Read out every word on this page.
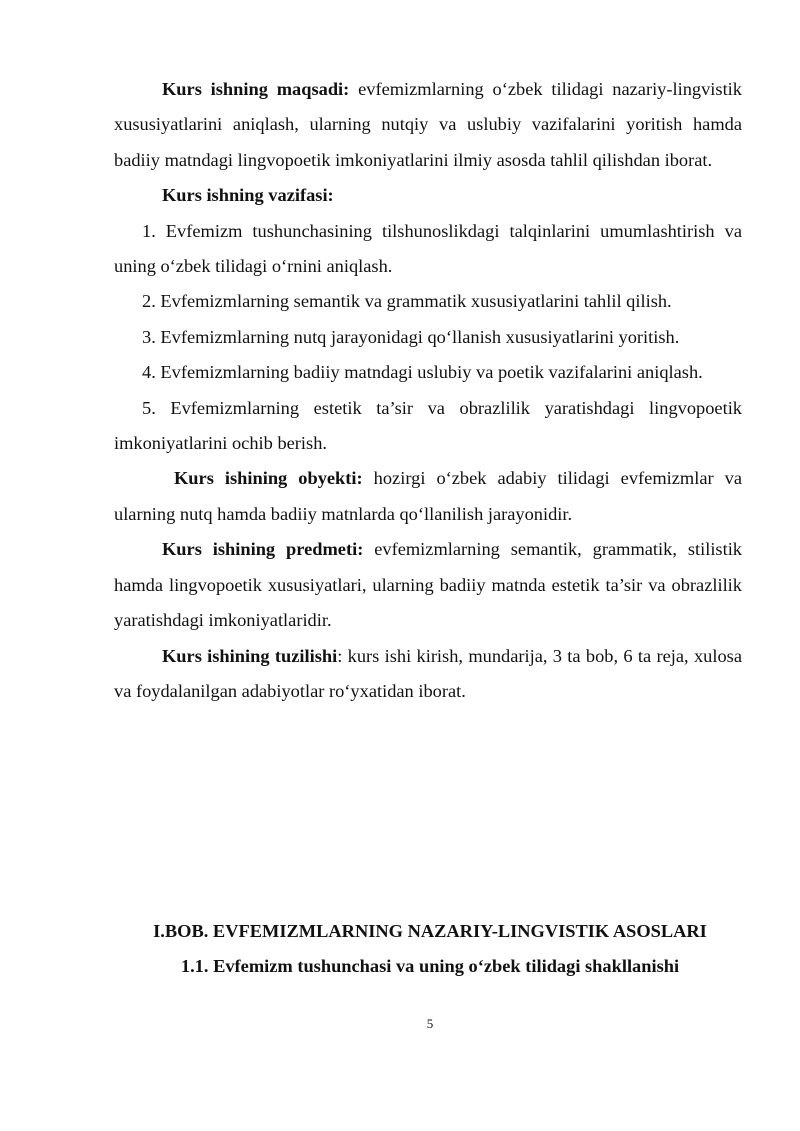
Kurs ishning maqsadi: evfemizmlarning o‘zbek tilidagi nazariy-lingvistik xususiyatlarini aniqlash, ularning nutqiy va uslubiy vazifalarini yoritish hamda badiiy matndagi lingvopoetik imkoniyatlarini ilmiy asosda tahlil qilishdan iborat.

Kurs ishning vazifasi:

1. Evfemizm tushunchasining tilshunoslikdagi talqinlarini umumlashtirish va uning o‘zbek tilidagi o‘rnini aniqlash.

2. Evfemizmlarning semantik va grammatik xususiyatlarini tahlil qilish.

3. Evfemizmlarning nutq jarayonidagi qo‘llanish xususiyatlarini yoritish.

4. Evfemizmlarning badiiy matndagi uslubiy va poetik vazifalarini aniqlash.

5. Evfemizmlarning estetik ta’sir va obrazlilik yaratishdagi lingvopoetik imkoniyatlarini ochib berish.

Kurs ishining obyekti: hozirgi o‘zbek adabiy tilidagi evfemizmlar va ularning nutq hamda badiiy matnlarda qo‘llanilish jarayonidir.

Kurs ishining predmeti: evfemizmlarning semantik, grammatik, stilistik hamda lingvopoetik xususiyatlari, ularning badiiy matnda estetik ta’sir va obrazlilik yaratishdagi imkoniyatlaridir.

Kurs ishining tuzilishi: kurs ishi kirish, mundarija, 3 ta bob, 6 ta reja, xulosa va foydalanilgan adabiyotlar ro‘yxatidan iborat.

I.BOB. EVFEMIZMLARNING NAZARIY-LINGVISTIK ASOSLARI
1.1. Evfemizm tushunchasi va uning o‘zbek tilidagi shakllanishi
5
